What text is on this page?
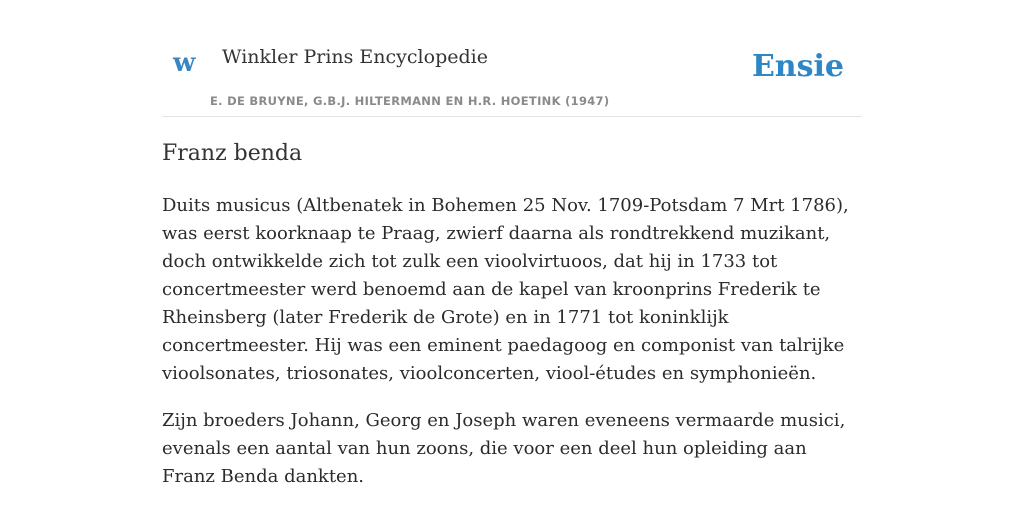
w Winkler Prins Encyclopedie
E. DE BRUYNE, G.B.J. HILTERMANN EN H.R. HOETINK (1947)
Ensie
Franz benda

Duits musicus (Altbenatek in Bohemen 25 Nov. 1709-Potsdam 7 Mrt 1786), was eerst koorknaap te Praag, zwierf daarna als rondtrekkend muzikant, doch ontwikkelde zich tot zulk een vioolvirtuoos, dat hij in 1733 tot concertmeester werd benoemd aan de kapel van kroonprins Frederik te Rheinsberg (later Frederik de Grote) en in 1771 tot koninklijk concertmeester. Hij was een eminent paedagoog en componist van talrijke vioolsonates, triosonates, vioolconcerten, viool-études en symphonieën.

Zijn broeders Johann, Georg en Joseph waren eveneens vermaarde musici, evenals een aantal van hun zoons, die voor een deel hun opleiding aan Franz Benda dankten.
